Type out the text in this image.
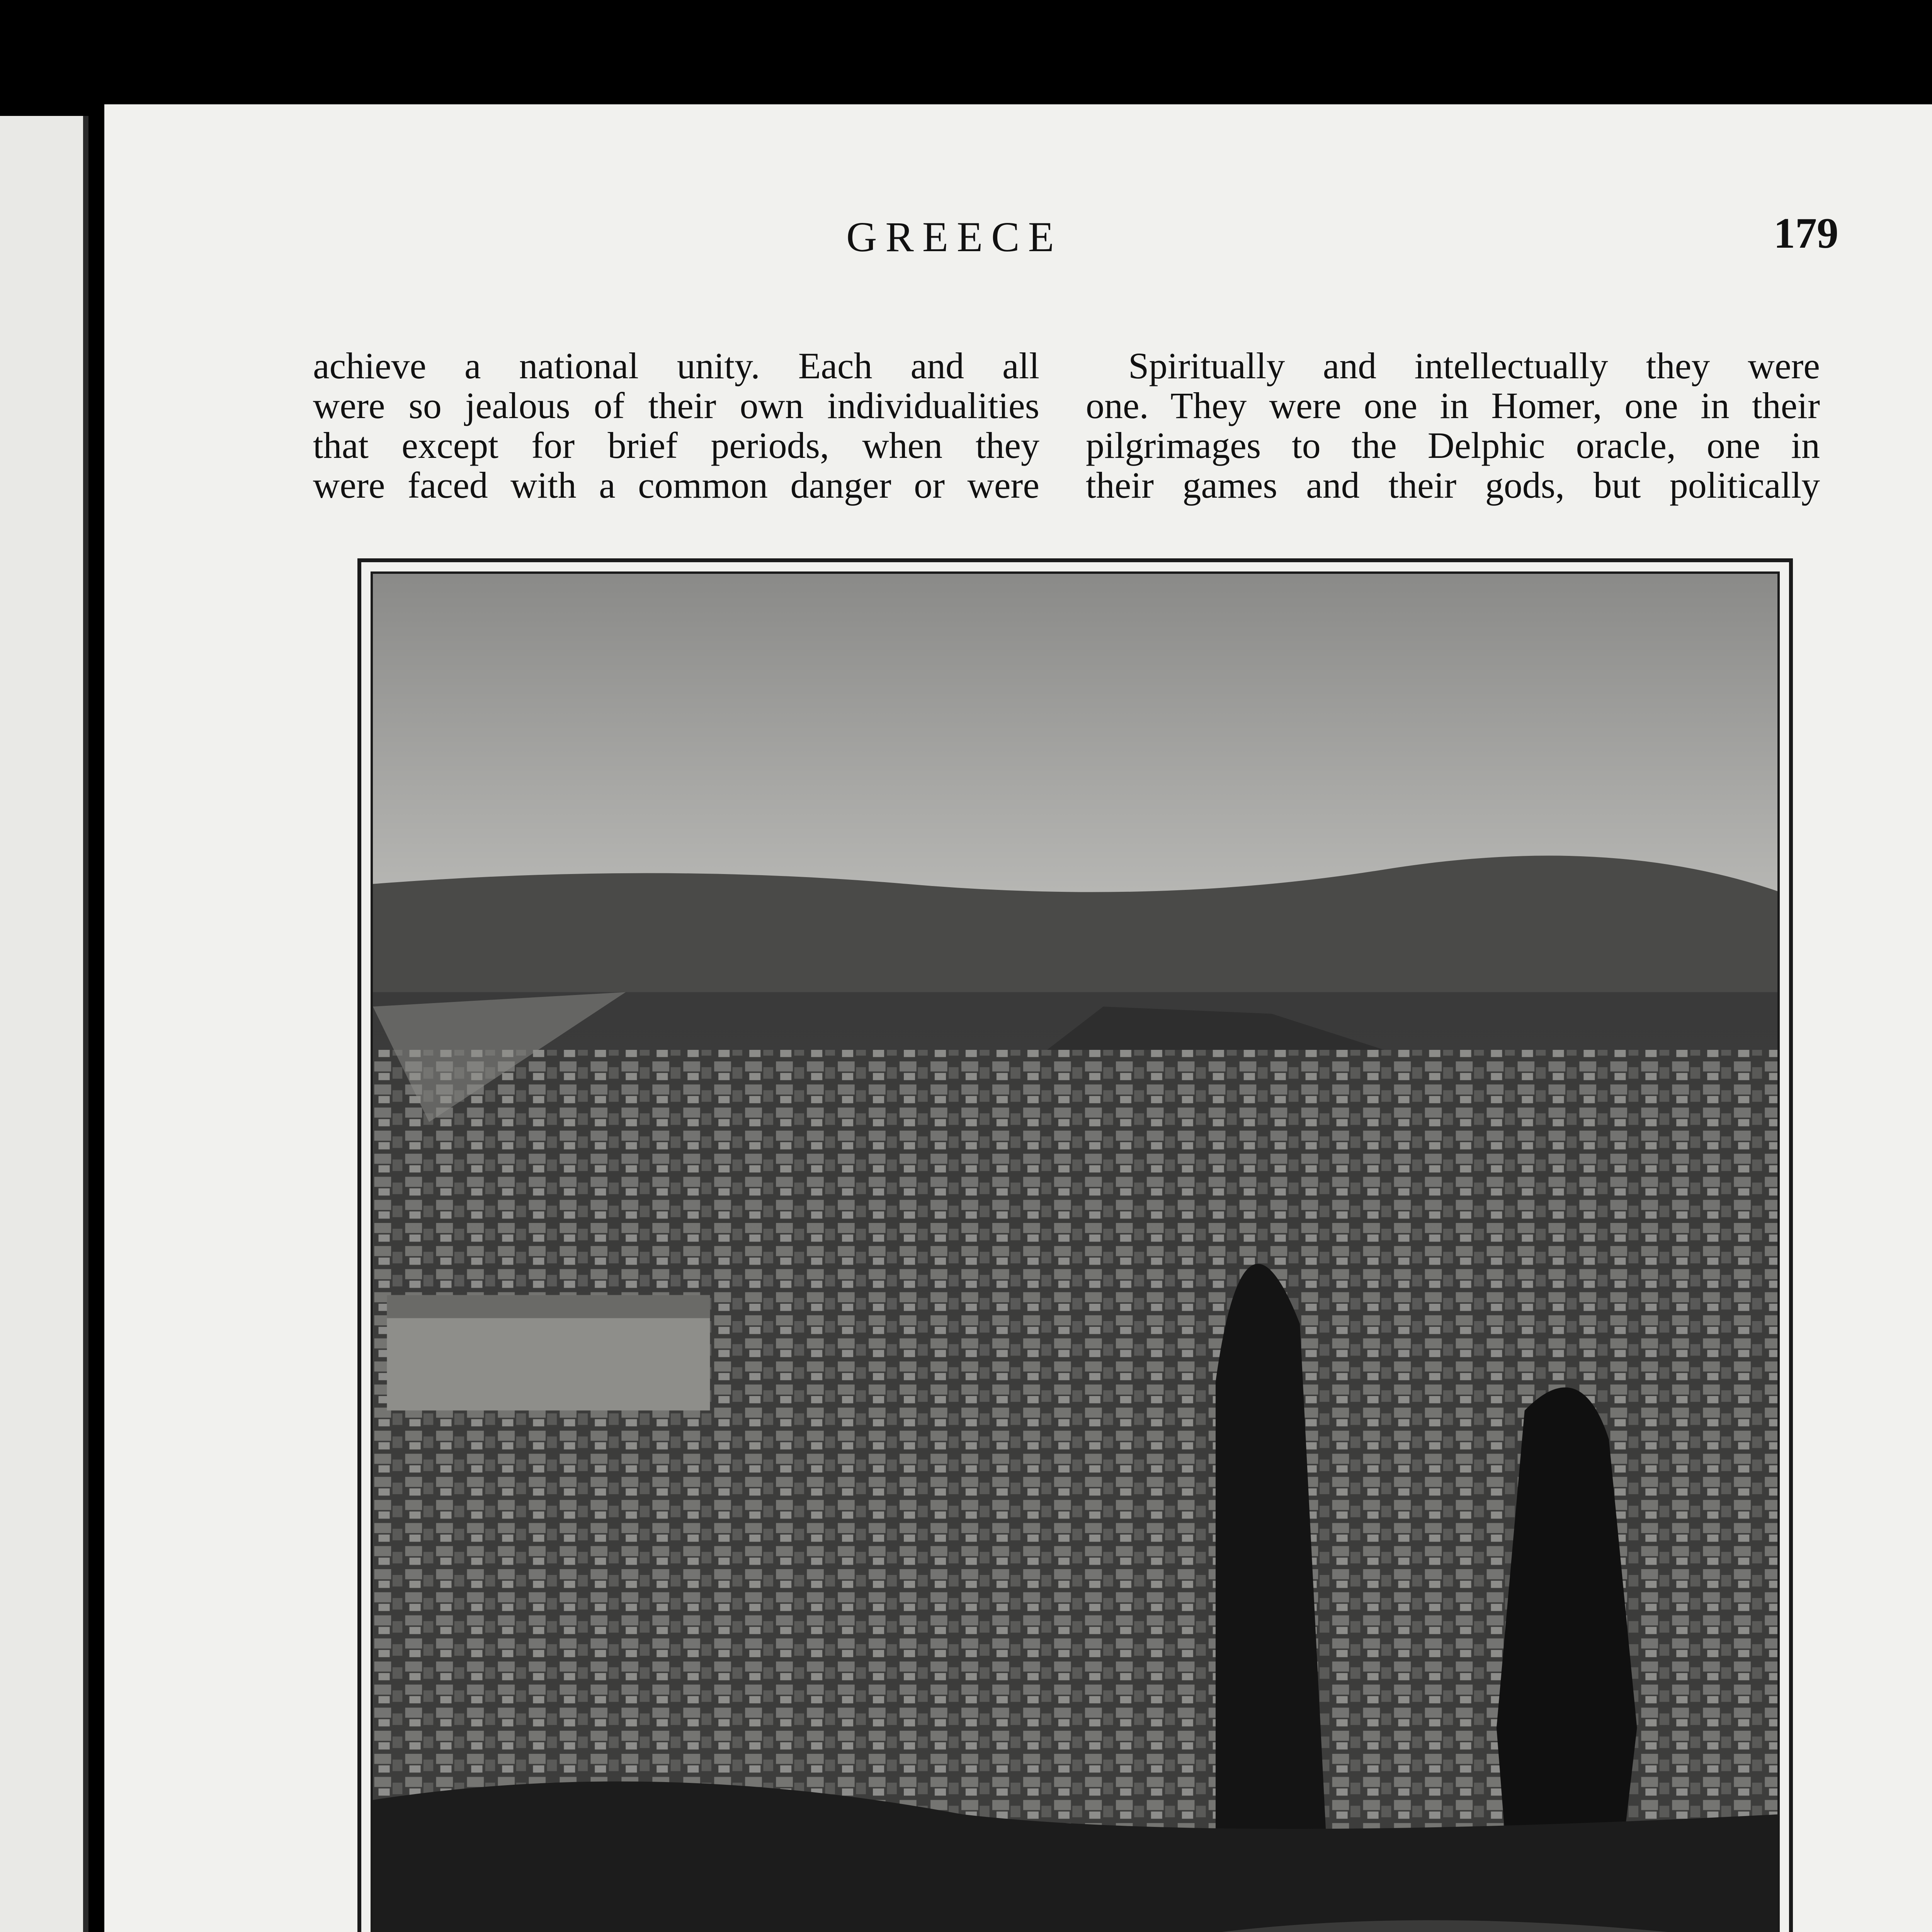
GREECE	179
achieve a national unity. Each and all
were so jealous of their own individualities
that except for brief periods, when they
were faced with a common danger or were
Spiritually and intellectually they were
one. They were one in Homer, one in their
pilgrimages to the Delphic oracle, one in
their games and their gods, but politically
